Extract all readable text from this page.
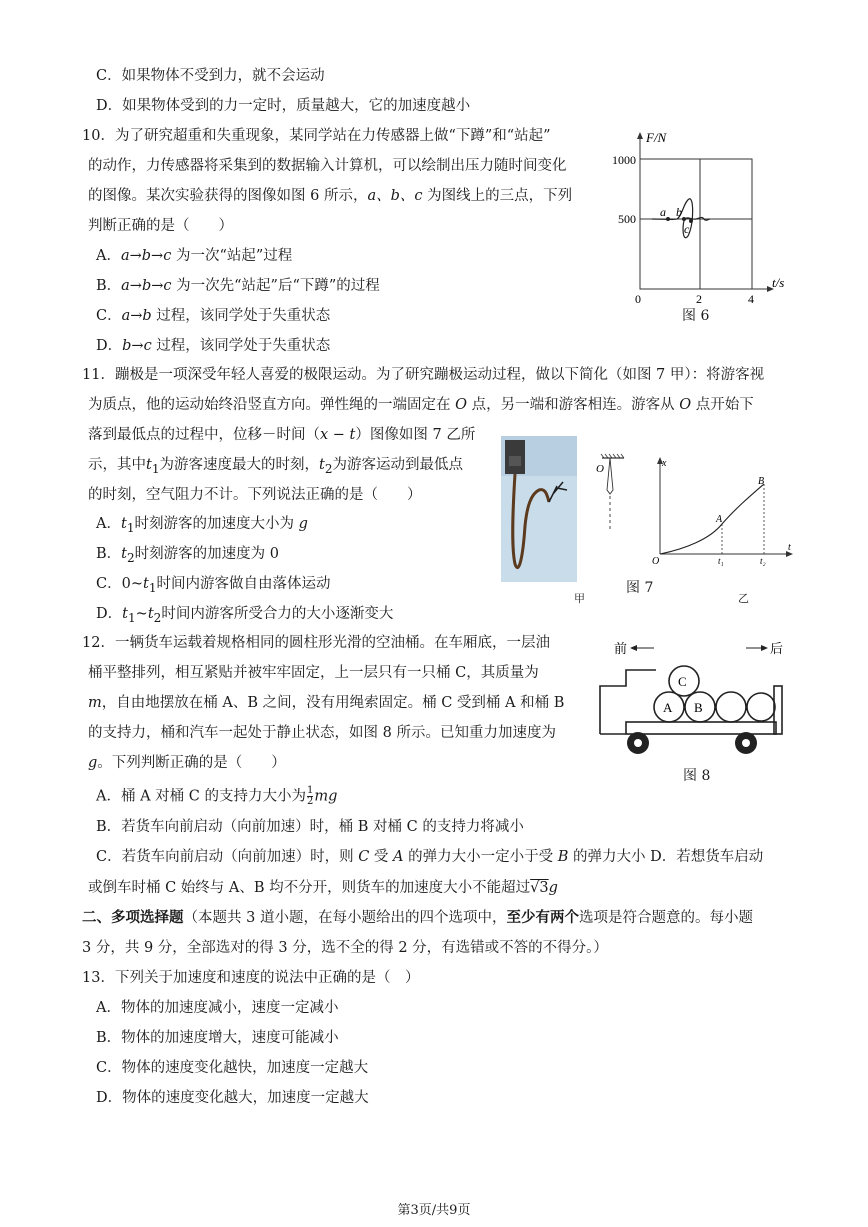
C．如果物体不受到力，就不会运动
D．如果物体受到的力一定时，质量越大，它的加速度越小
10．为了研究超重和失重现象，某同学站在力传感器上做“下蹲”和“站起”
的动作，力传感器将采集到的数据输入计算机，可以绘制出压力随时间变化
的图像。某次实验获得的图像如图 6 所示，a、b、c 为图线上的三点，下列
判断正确的是（　　）
A．a→b→c 为一次“站起”过程
B．a→b→c 为一次先“站起”后“下蹲”的过程
C．a→b 过程，该同学处于失重状态
D．b→c 过程，该同学处于失重状态
F/N
1000
500
0	2	4
t/s
a b
c
图 6
11．蹦极是一项深受年轻人喜爱的极限运动。为了研究蹦极运动过程，做以下简化（如图 7 甲）：将游客视
为质点，他的运动始终沿竖直方向。弹性绳的一端固定在 O 点，另一端和游客相连。游客从 O 点开始下
落到最低点的过程中，位移－时间（x − t）图像如图 7 乙所
示，其中$t_1$为游客速度最大的时刻，$t_2$为游客运动到最低点
的时刻，空气阻力不计。下列说法正确的是（　　）
A．$t_1$时刻游客的加速度大小为 g
B．$t_2$时刻游客的加速度为 0
C．$0\sim t_1$时间内游客做自由落体运动
D．$t_1\sim t_2$时间内游客所受合力的大小逐渐变大
O	x
t
O
A
B
t₁	t₂
图 7
甲	乙
12．一辆货车运载着规格相同的圆柱形光滑的空油桶。在车厢底，一层油
桶平整排列，相互紧贴并被牢牢固定，上一层只有一只桶 C，其质量为
m，自由地摆放在桶 A、B 之间，没有用绳索固定。桶 C 受到桶 A 和桶 B
的支持力，桶和汽车一起处于静止状态，如图 8 所示。已知重力加速度为
g。下列判断正确的是（　　）
A．桶 A 对桶 C 的支持力大小为 $\frac{1}{2}$ mg
B．若货车向前启动（向前加速）时，桶 B 对桶 C 的支持力将减小
C．若货车向前启动（向前加速）时，则 C 受 A 的弹力大小一定小于受 B 的弹力大小 D．若想货车启动
或倒车时桶 C 始终与 A、B 均不分开，则货车的加速度大小不能超过√3g
前	后
A B
C
图 8
二、多项选择题（本题共 3 道小题，在每小题给出的四个选项中，至少有两个选项是符合题意的。每小题
3 分，共 9 分，全部选对的得 3 分，选不全的得 2 分，有选错或不答的不得分。）
13．下列关于加速度和速度的说法中正确的是（　）
A．物体的加速度减小，速度一定减小
B．物体的加速度增大，速度可能减小
C．物体的速度变化越快，加速度一定越大
D．物体的速度变化越大，加速度一定越大
第3页/共9页
